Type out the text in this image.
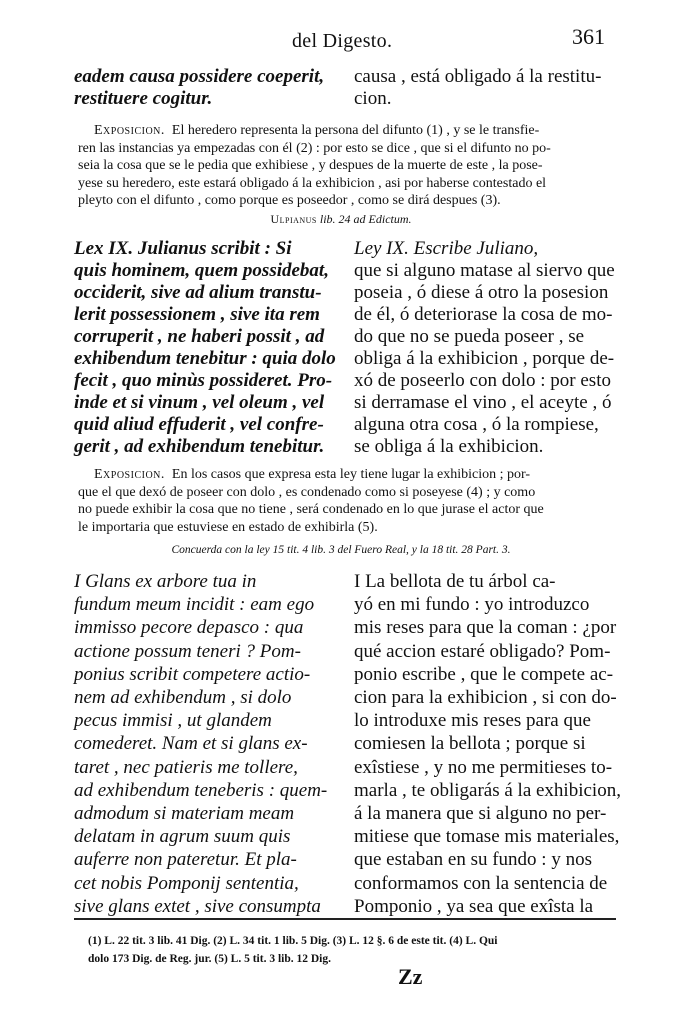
del Digesto.	361
eadem causa possidere coeperit,
restituere cogitur.
causa , está obligado á la restitu-
cion.
Exposicion. El heredero representa la persona del difunto (1) , y se le transfie-
ren las instancias ya empezadas con él (2) : por esto se dice , que si el difunto no po-
seia la cosa que se le pedia que exhibiese , y despues de la muerte de este , la pose-
yese su heredero, este estará obligado á la exhibicion , asi por haberse contestado el
pleyto con el difunto , como porque es poseedor , como se dirá despues (3).
Ulpianus lib. 24 ad Edictum.
Lex IX. Julianus scribit : Si
quis hominem, quem possidebat,
occiderit, sive ad alium transtu-
lerit possessionem , sive ita rem
corruperit , ne haberi possit , ad
exhibendum tenebitur : quia dolo
fecit , quo minùs possideret. Pro-
inde et si vinum , vel oleum , vel
quid aliud effuderit , vel confre-
gerit , ad exhibendum tenebitur.
Ley IX. Escribe Juliano,
que si alguno matase al siervo que
poseia , ó diese á otro la posesion
de él, ó deteriorase la cosa de mo-
do que no se pueda poseer , se
obliga á la exhibicion , porque de-
xó de poseerlo con dolo : por esto
si derramase el vino , el aceyte , ó
alguna otra cosa , ó la rompiese,
se obliga á la exhibicion.
Exposicion. En los casos que expresa esta ley tiene lugar la exhibicion ; por-
que el que dexó de poseer con dolo , es condenado como si poseyese (4) ; y como
no puede exhibir la cosa que no tiene , será condenado en lo que jurase el actor que
le importaria que estuviese en estado de exhibirla (5).
Concuerda con la ley 15 tit. 4 lib. 3 del Fuero Real, y la 18 tit. 28 Part. 3.
I Glans ex arbore tua in
fundum meum incidit : eam ego
immisso pecore depasco : qua
actione possum teneri ? Pom-
ponius scribit competere actio-
nem ad exhibendum , si dolo
pecus immisi , ut glandem
comederet. Nam et si glans ex-
taret , nec patieris me tollere,
ad exhibendum teneberis : quem-
admodum si materiam meam
delatam in agrum suum quis
auferre non pateretur. Et pla-
cet nobis Pomponij sententia,
sive glans extet , sive consumpta
I La bellota de tu árbol ca-
yó en mi fundo : yo introduzco
mis reses para que la coman : ¿por
qué accion estaré obligado? Pom-
ponio escribe , que le compete ac-
cion para la exhibicion , si con do-
lo introduxe mis reses para que
comiesen la bellota ; porque si
exîstiese , y no me permitieses to-
marla , te obligarás á la exhibicion,
á la manera que si alguno no per-
mitiese que tomase mis materiales,
que estaban en su fundo : y nos
conformamos con la sentencia de
Pomponio , ya sea que exîsta la
(1) L. 22 tit. 3 lib. 41 Dig. (2) L. 34 tit. 1 lib. 5 Dig. (3) L. 12 §. 6 de este tit. (4) L. Qui
dolo 173 Dig. de Reg. jur. (5) L. 5 tit. 3 lib. 12 Dig.
Zz
